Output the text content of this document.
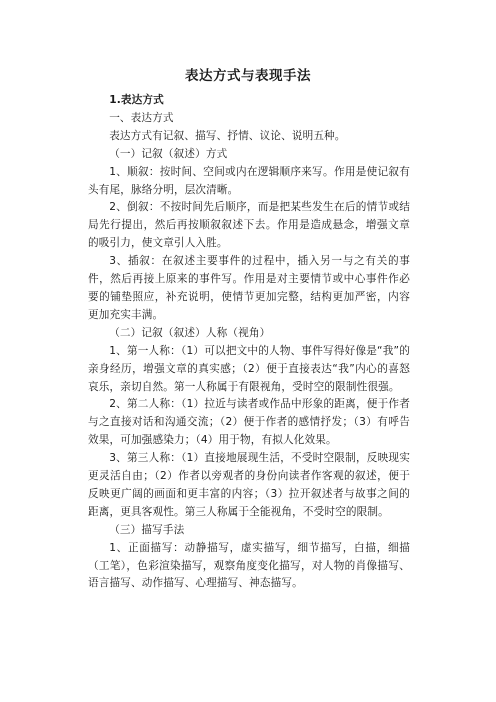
表达方式与表现手法

1.表达方式

一、表达方式

表达方式有记叙、描写、抒情、议论、说明五种。

（一）记叙（叙述）方式

1、顺叙：按时间、空间或内在逻辑顺序来写。作用是使记叙有头有尾，脉络分明，层次清晰。

2、倒叙：不按时间先后顺序，而是把某些发生在后的情节或结局先行提出，然后再按顺叙叙述下去。作用是造成悬念，增强文章的吸引力，使文章引人入胜。

3、插叙：在叙述主要事件的过程中，插入另一与之有关的事件，然后再接上原来的事件写。作用是对主要情节或中心事件作必要的铺垫照应，补充说明，使情节更加完整，结构更加严密，内容更加充实丰满。

（二）记叙（叙述）人称（视角）

1、第一人称：（1）可以把文中的人物、事件写得好像是“我”的亲身经历，增强文章的真实感；（2）便于直接表达“我”内心的喜怒哀乐，亲切自然。第一人称属于有限视角，受时空的限制性很强。

2、第二人称：（1）拉近与读者或作品中形象的距离，便于作者与之直接对话和沟通交流；（2）便于作者的感情抒发；（3）有呼告效果，可加强感染力；（4）用于物，有拟人化效果。

3、第三人称：（1）直接地展现生活，不受时空限制，反映现实更灵活自由；（2）作者以旁观者的身份向读者作客观的叙述，便于反映更广阔的画面和更丰富的内容；（3）拉开叙述者与故事之间的距离，更具客观性。第三人称属于全能视角，不受时空的限制。

（三）描写手法

1、正面描写：动静描写，虚实描写，细节描写，白描，细描（工笔），色彩渲染描写，观察角度变化描写，对人物的肖像描写、语言描写、动作描写、心理描写、神态描写。
